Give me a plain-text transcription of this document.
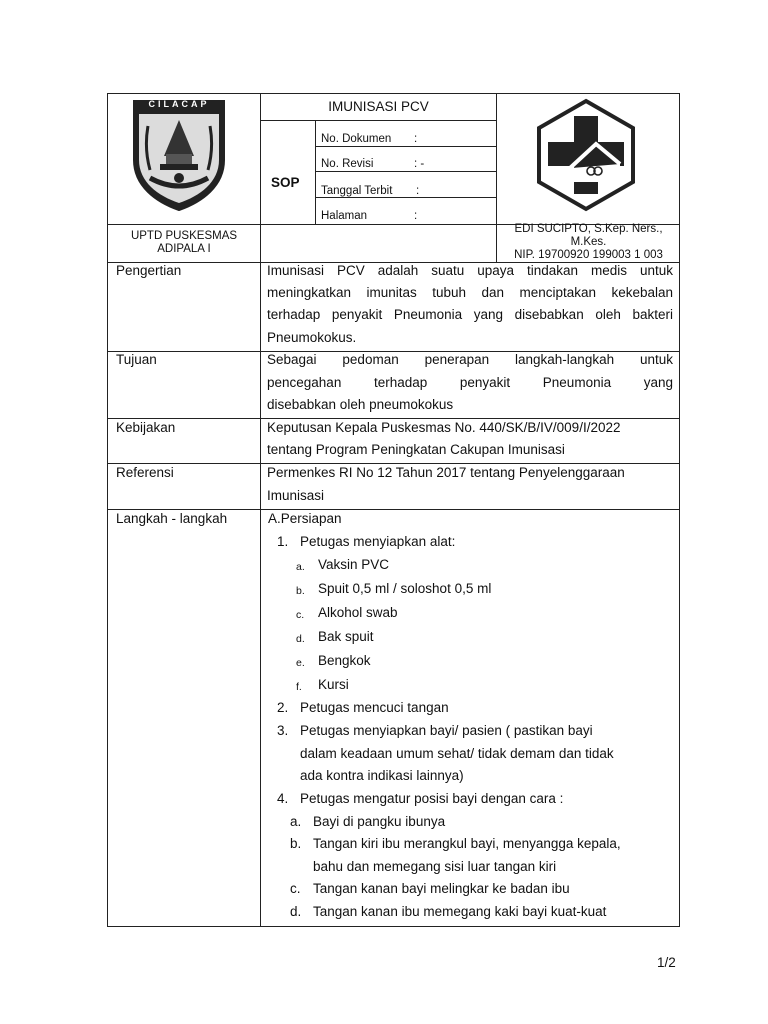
CILACAP	IMUNISASI PCV
SOP
No. Dokumen :
No. Revisi	: -
Tanggal Terbit :
Halaman	:
UPTD PUSKESMAS
ADIPALA I
EDI SUCIPTO, S.Kep. Ners.,
M.Kes.
NIP. 19700920 199003 1 003
Pengertian	Imunisasi PCV adalah suatu upaya tindakan medis untuk
meningkatkan imunitas tubuh dan menciptakan kekebalan
terhadap penyakit Pneumonia yang disebabkan oleh bakteri
Pneumokokus.
Tujuan	Sebagai pedoman penerapan langkah-langkah untuk
pencegahan terhadap penyakit Pneumonia yang
disebabkan oleh pneumokokus
Kebijakan	Keputusan Kepala Puskesmas No. 440/SK/B/IV/009/I/2022
tentang Program Peningkatan Cakupan Imunisasi
Referensi	Permenkes RI No 12 Tahun 2017 tentang Penyelenggaraan
Imunisasi
Langkah - langkah	A.Persiapan
1. Petugas menyiapkan alat:
a. Vaksin PVC
b. Spuit 0,5 ml / soloshot 0,5 ml
c. Alkohol swab
d. Bak spuit
e. Bengkok
f. Kursi
2. Petugas mencuci tangan
3. Petugas menyiapkan bayi/ pasien ( pastikan bayi
dalam keadaan umum sehat/ tidak demam dan tidak
ada kontra indikasi lainnya)
4. Petugas mengatur posisi bayi dengan cara :
a. Bayi di pangku ibunya
b. Tangan kiri ibu merangkul bayi, menyangga kepala,
bahu dan memegang sisi luar tangan kiri
c. Tangan kanan bayi melingkar ke badan ibu
d. Tangan kanan ibu memegang kaki bayi kuat-kuat
1/2
